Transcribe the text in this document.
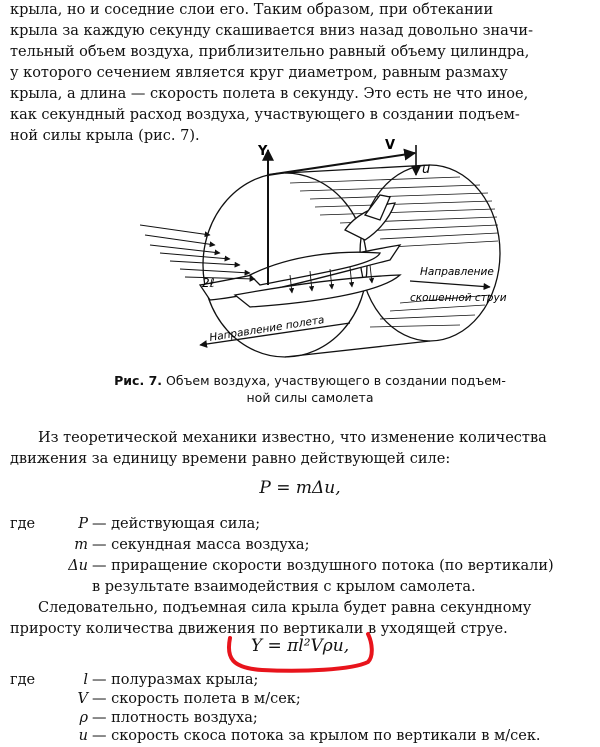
крыла, но и соседние слои его. Таким образом, при обтекании
крыла за каждую секунду скашивается вниз назад довольно значи-
тельный объем воздуха, приблизительно равный объему цилиндра,
у которого сечением является круг диаметром, равным размаху
крыла, а длина — скорость полета в секунду. Это есть не что иное,
как секундный расход воздуха, участвующего в создании подъем-
ной силы крыла (рис. 7).
Y	V
u
2ℓ
Направление полета
Направление
скошенной струи
Рис. 7. Объем воздуха, участвующего в создании подъем-
ной силы самолета
Из теоретической механики известно, что изменение количества
движения за единицу времени равно действующей силе:
P = mΔu,
где	P — действующая сила;
m — секундная масса воздуха;
Δu — приращение скорости воздушного потока (по вертикали)
в результате взаимодействия с крылом самолета.
Следовательно, подъемная сила крыла будет равна секундному
приросту количества движения по вертикали в уходящей струе.
Y = πl²Vρu,
где	l — полуразмах крыла;
V — скорость полета в м/сек;
ρ — плотность воздуха;
u — скорость скоса потока за крылом по вертикали в м/сек.
